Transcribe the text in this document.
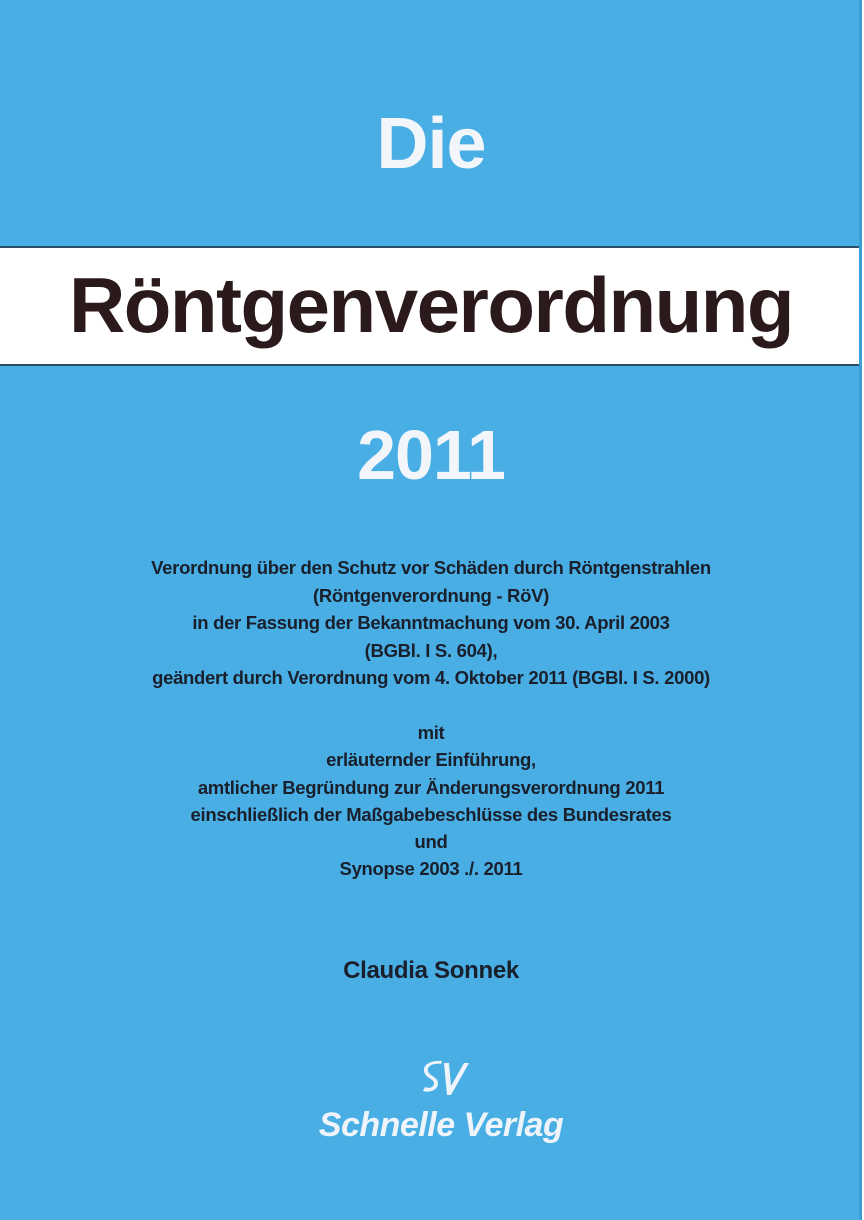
Die
Röntgenverordnung
2011

Verordnung über den Schutz vor Schäden durch Röntgenstrahlen
(Röntgenverordnung - RöV)
in der Fassung der Bekanntmachung vom 30. April 2003
(BGBl. I S. 604),
geändert durch Verordnung vom 4. Oktober 2011 (BGBl. I S. 2000)

mit
erläuternder Einführung,
amtlicher Begründung zur Änderungsverordnung 2011
einschließlich der Maßgabebeschlüsse des Bundesrates
und
Synopse 2003 ./. 2011

Claudia Sonnek

Schnelle Verlag
